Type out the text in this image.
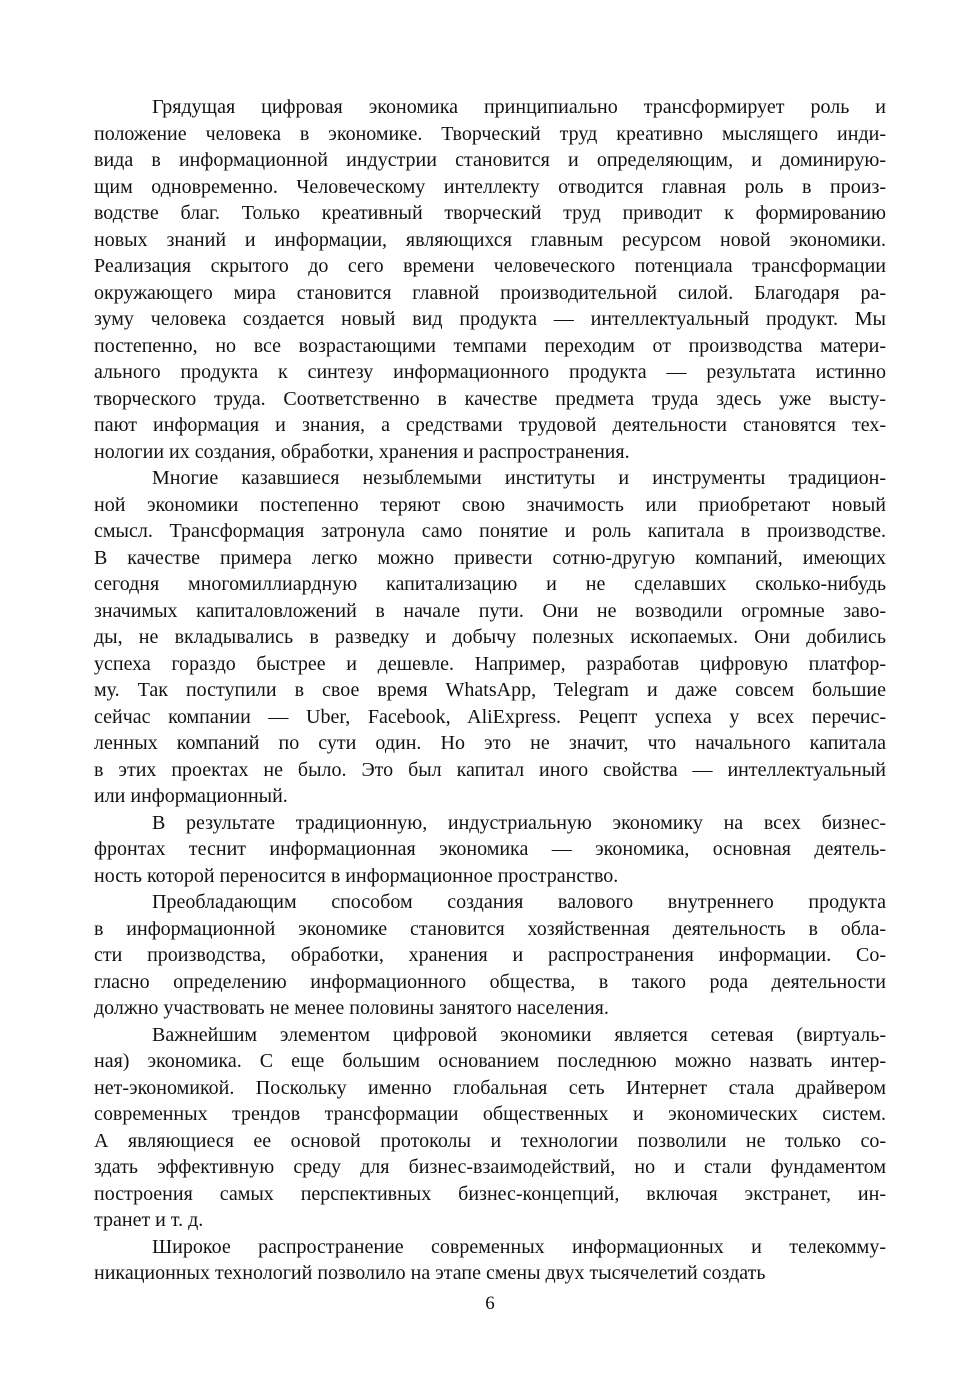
Грядущая цифровая экономика принципиально трансформирует роль и
положение человека в экономике. Творческий труд креативно мыслящего инди-
вида в информационной индустрии становится и определяющим, и доминирую-
щим одновременно. Человеческому интеллекту отводится главная роль в произ-
водстве благ. Только креативный творческий труд приводит к формированию
новых знаний и информации, являющихся главным ресурсом новой экономики.
Реализация скрытого до сего времени человеческого потенциала трансформации
окружающего мира становится главной производительной силой. Благодаря ра-
зуму человека создается новый вид продукта — интеллектуальный продукт. Мы
постепенно, но все возрастающими темпами переходим от производства матери-
ального продукта к синтезу информационного продукта — результата истинно
творческого труда. Соответственно в качестве предмета труда здесь уже высту-
пают информация и знания, а средствами трудовой деятельности становятся тех-
нологии их создания, обработки, хранения и распространения.
Многие казавшиеся незыблемыми институты и инструменты традицион-
ной экономики постепенно теряют свою значимость или приобретают новый
смысл. Трансформация затронула само понятие и роль капитала в производстве.
В качестве примера легко можно привести сотню-другую компаний, имеющих
сегодня многомиллиардную капитализацию и не сделавших сколько-нибудь
значимых капиталовложений в начале пути. Они не возводили огромные заво-
ды, не вкладывались в разведку и добычу полезных ископаемых. Они добились
успеха гораздо быстрее и дешевле. Например, разработав цифровую платфор-
му. Так поступили в свое время WhatsApp, Telegram и даже совсем большие
сейчас компании — Uber, Facebook, AliExpress. Рецепт успеха у всех перечис-
ленных компаний по сути один. Но это не значит, что начального капитала
в этих проектах не было. Это был капитал иного свойства — интеллектуальный
или информационный.
В результате традиционную, индустриальную экономику на всех бизнес-
фронтах теснит информационная экономика — экономика, основная деятель-
ность которой переносится в информационное пространство.
Преобладающим способом создания валового внутреннего продукта
в информационной экономике становится хозяйственная деятельность в обла-
сти производства, обработки, хранения и распространения информации. Со-
гласно определению информационного общества, в такого рода деятельности
должно участвовать не менее половины занятого населения.
Важнейшим элементом цифровой экономики является сетевая (виртуаль-
ная) экономика. С еще большим основанием последнюю можно назвать интер-
нет-экономикой. Поскольку именно глобальная сеть Интернет стала драйвером
современных трендов трансформации общественных и экономических систем.
А являющиеся ее основой протоколы и технологии позволили не только со-
здать эффективную среду для бизнес-взаимодействий, но и стали фундаментом
построения самых перспективных бизнес-концепций, включая экстранет, ин-
транет и т. д.
Широкое распространение современных информационных и телекомму-
никационных технологий позволило на этапе смены двух тысячелетий создать
6
